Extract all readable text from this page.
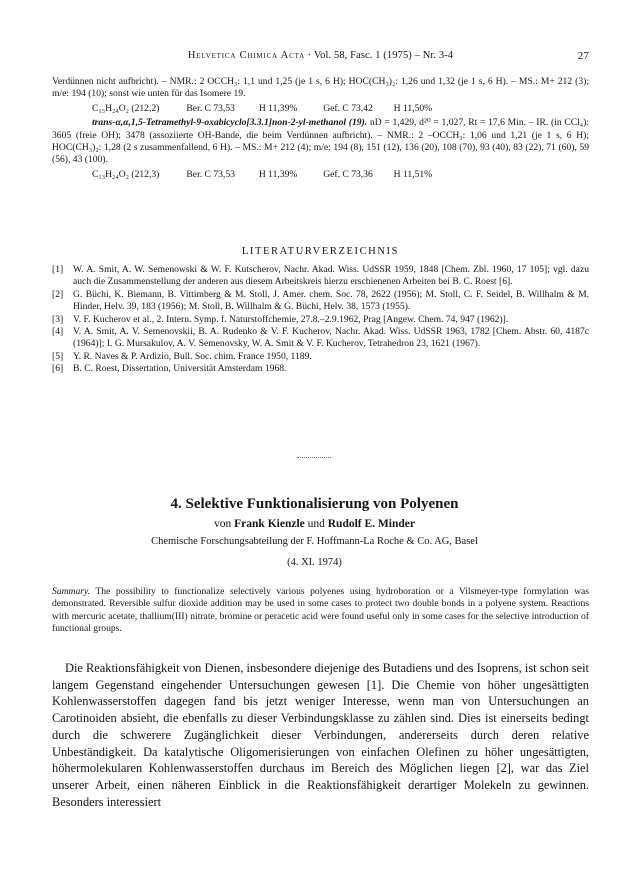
Helvetica Chimica Acta · Vol. 58, Fasc. 1 (1975) – Nr. 3-4	27

Verdünnen nicht aufbricht). – NMR.: 2 OCCH₃: 1,1 und 1,25 (je 1 s, 6 H); HOC(CH₃)₂: 1,26 und 1,32 (je 1 s, 6 H). – MS.: M+ 212 (3); m/e: 194 (10); sonst wie unten für das Isomere 19.

C₁₃H₂₄O₂ (212,2)	Ber. C 73,53 H 11,39%	Gef. C 73,42 H 11,50%

trans-α,α,1,5-Tetramethyl-9-oxabicyclo[3.3.1]non-2-yl-methanol (19). nD = 1,429, d²⁰ = 1,027, Rt = 17,6 Min. – IR. (in CCl₄): 3605 (freie OH); 3478 (assoziierte OH-Bande, die beim Verdünnen aufbricht). – NMR.: 2 –OCCH₃: 1,06 und 1,21 (je 1 s, 6 H); HOC(CH₃)₂: 1,28 (2 s zusammenfallend, 6 H). – MS.: M+ 212 (4); m/e: 194 (8), 151 (12), 136 (20), 108 (70), 93 (40), 83 (22), 71 (60), 59 (56), 43 (100).

C₁₃H₂₄O₂ (212,3)	Ber. C 73,53 H 11,39%	Gef. C 73,36 H 11,51%

LITERATURVERZEICHNIS
[1] W. A. Smit, A. W. Semenowski & W. F. Kutscherov, Nachr. Akad. Wiss. UdSSR 1959, 1848 [Chem. Zbl. 1960, 17 105]; vgl. dazu auch die Zusammenstellung der anderen aus diesem Arbeitskreis hierzu erschienenen Arbeiten bei B. C. Roest [6].
[2] G. Büchi, K. Biemann, B. Vittimberg & M. Stoll, J. Amer. chem. Soc. 78, 2622 (1956); M. Stoll, C. F. Seidel, B. Willhalm & M. Hinder, Helv. 39, 183 (1956); M. Stoll, B. Willhalm & G. Büchi, Helv. 38, 1573 (1955).
[3] V. F. Kucherov et al., 2. Intern. Symp. f. Naturstoffchemie, 27.8.–2.9.1962, Prag [Angew. Chem. 74, 947 (1962)].
[4] V. A. Smit, A. V. Semenovskii, B. A. Rudenko & V. F. Kucherov, Nachr. Akad. Wiss. UdSSR 1963, 1782 [Chem. Abstr. 60, 4187c (1964)]; I. G. Mursakulov, A. V. Semenovsky, W. A. Smit & V. F. Kucherov, Tetrahedron 23, 1621 (1967).
[5] Y. R. Naves & P. Ardizio, Bull. Soc. chim. France 1950, 1189.
[6] B. C. Roest, Dissertation, Universität Amsterdam 1968.
4. Selektive Funktionalisierung von Polyenen
von Frank Kienzle und Rudolf E. Minder
Chemische Forschungsabteilung der F. Hoffmann-La Roche & Co. AG, Basel
(4. XI. 1974)
Summary. The possibility to functionalize selectively various polyenes using hydroboration or a Vilsmeyer-type formylation was demonstrated. Reversible sulfur dioxide addition may be used in some cases to protect two double bonds in a polyene system. Reactions with mercuric acetate, thallium(III) nitrate, bromine or peracetic acid were found useful only in some cases for the selective introduction of functional groups.

Die Reaktionsfähigkeit von Dienen, insbesondere diejenige des Butadiens und des Isoprens, ist schon seit langem Gegenstand eingehender Untersuchungen gewesen [1]. Die Chemie von höher ungesättigten Kohlenwasserstoffen dagegen fand bis jetzt weniger Interesse, wenn man von Untersuchungen an Carotinoiden absieht, die ebenfalls zu dieser Verbindungsklasse zu zählen sind. Dies ist einerseits bedingt durch die schwerere Zugänglichkeit dieser Verbindungen, andererseits durch deren relative Unbeständigkeit. Da katalytische Oligomerisierungen von einfachen Olefinen zu höher ungesättigten, höhermolekularen Kohlenwasserstoffen durchaus im Bereich des Möglichen liegen [2], war das Ziel unserer Arbeit, einen näheren Einblick in die Reaktionsfähigkeit derartiger Molekeln zu gewinnen. Besonders interessiert
